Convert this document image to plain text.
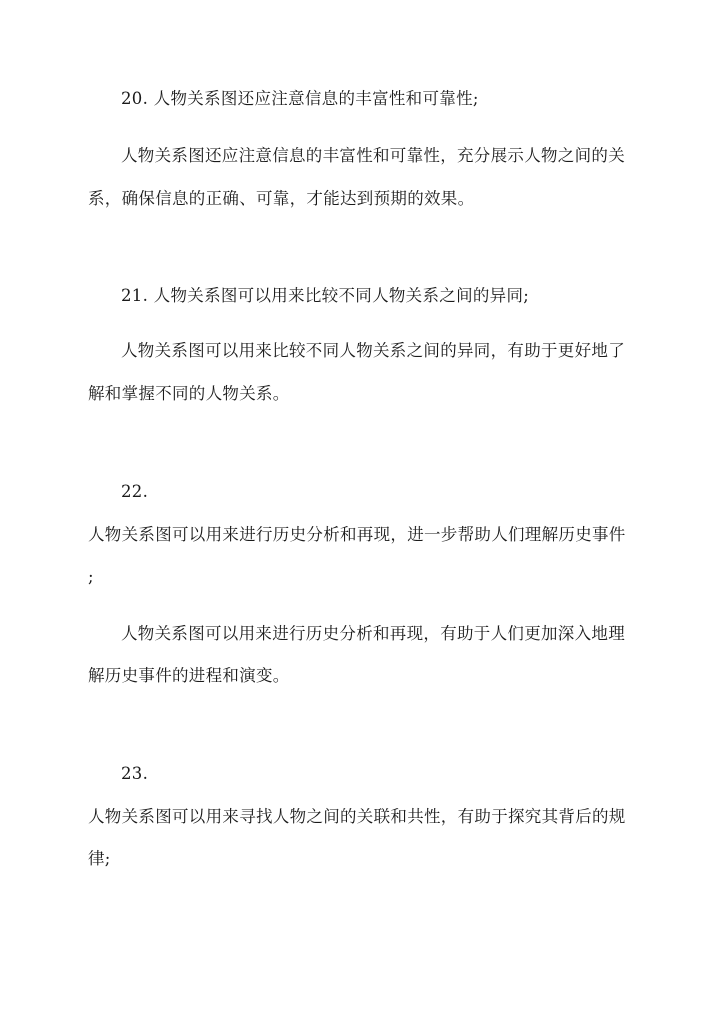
20. 人物关系图还应注意信息的丰富性和可靠性;
人物关系图还应注意信息的丰富性和可靠性，充分展示人物之间的关
系，确保信息的正确、可靠，才能达到预期的效果。
21. 人物关系图可以用来比较不同人物关系之间的异同;
人物关系图可以用来比较不同人物关系之间的异同，有助于更好地了
解和掌握不同的人物关系。
22.
人物关系图可以用来进行历史分析和再现，进一步帮助人们理解历史事件
;
人物关系图可以用来进行历史分析和再现，有助于人们更加深入地理
解历史事件的进程和演变。
23.
人物关系图可以用来寻找人物之间的关联和共性，有助于探究其背后的规
律;
